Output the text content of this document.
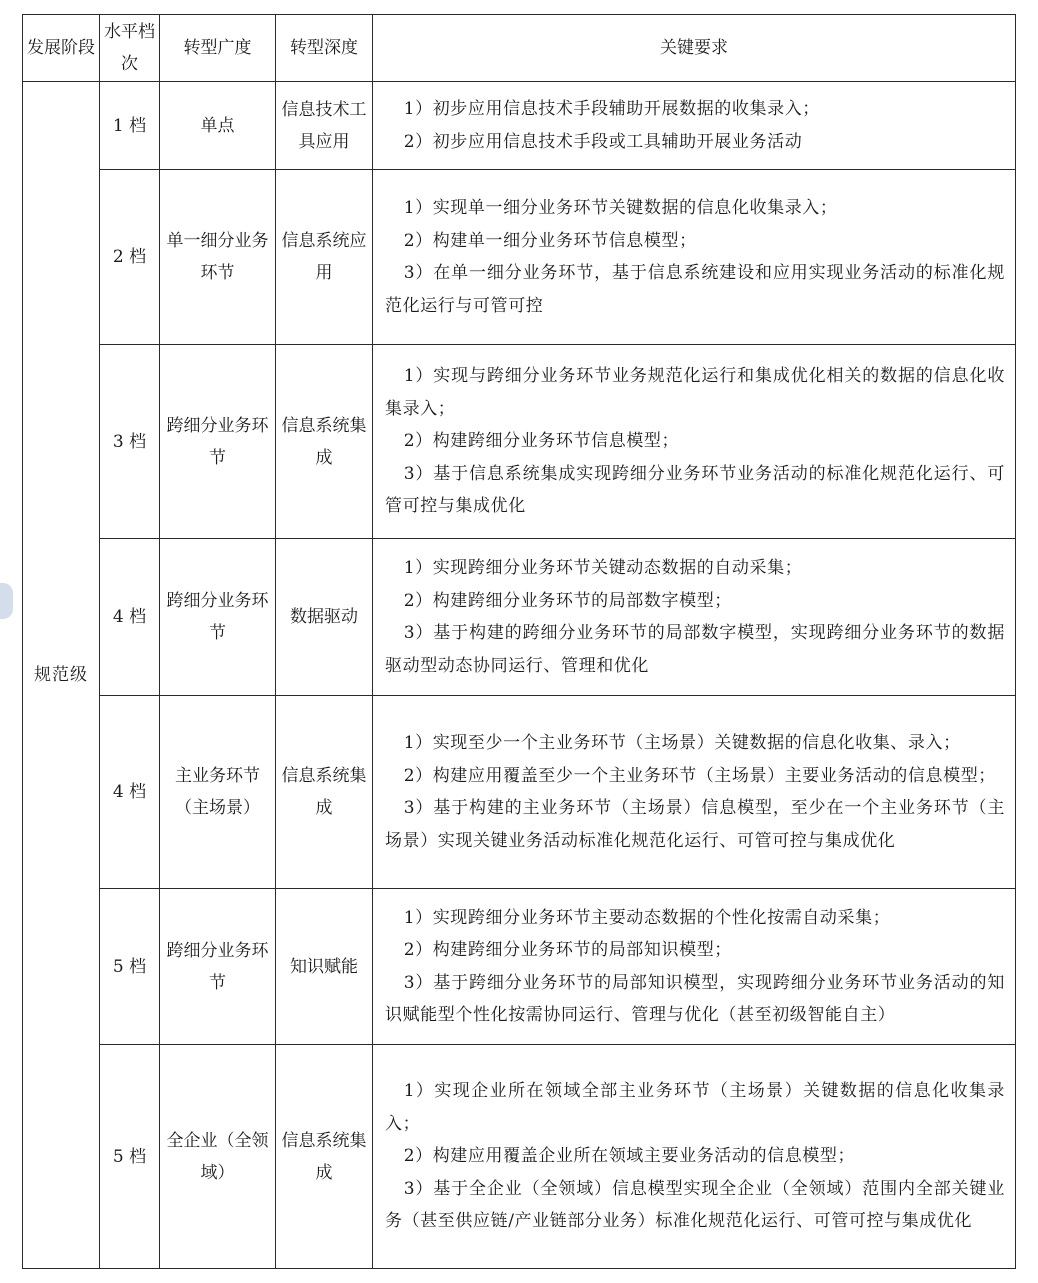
发展阶段	水平档次	转型广度	转型深度	关键要求
规范级	1 档	单点	信息技术工具应用	1）初步应用信息技术手段辅助开展数据的收集录入；

2）初步应用信息技术手段或工具辅助开展业务活动

	2 档	单一细分业务环节	信息系统应用	1）实现单一细分业务环节关键数据的信息化收集录入；

2）构建单一细分业务环节信息模型；

3）在单一细分业务环节，基于信息系统建设和应用实现业务活动的标准化规范化运行与可管可控

	3 档	跨细分业务环节	信息系统集成	1）实现与跨细分业务环节业务规范化运行和集成优化相关的数据的信息化收集录入；

2）构建跨细分业务环节信息模型；

3）基于信息系统集成实现跨细分业务环节业务活动的标准化规范化运行、可管可控与集成优化

	4 档	跨细分业务环节	数据驱动	1）实现跨细分业务环节关键动态数据的自动采集；

2）构建跨细分业务环节的局部数字模型；

3）基于构建的跨细分业务环节的局部数字模型，实现跨细分业务环节的数据驱动型动态协同运行、管理和优化

	4 档	主业务环节（主场景）	信息系统集成	1）实现至少一个主业务环节（主场景）关键数据的信息化收集、录入；

2）构建应用覆盖至少一个主业务环节（主场景）主要业务活动的信息模型；

3）基于构建的主业务环节（主场景）信息模型，至少在一个主业务环节（主场景）实现关键业务活动标准化规范化运行、可管可控与集成优化

	5 档	跨细分业务环节	知识赋能	1）实现跨细分业务环节主要动态数据的个性化按需自动采集；

2）构建跨细分业务环节的局部知识模型；

3）基于跨细分业务环节的局部知识模型，实现跨细分业务环节业务活动的知识赋能型个性化按需协同运行、管理与优化（甚至初级智能自主）

	5 档	全企业（全领域）	信息系统集成	1）实现企业所在领域全部主业务环节（主场景）关键数据的信息化收集录入；

2）构建应用覆盖企业所在领域主要业务活动的信息模型；

3）基于全企业（全领域）信息模型实现全企业（全领域）范围内全部关键业务（甚至供应链/产业链部分业务）标准化规范化运行、可管可控与集成优化
